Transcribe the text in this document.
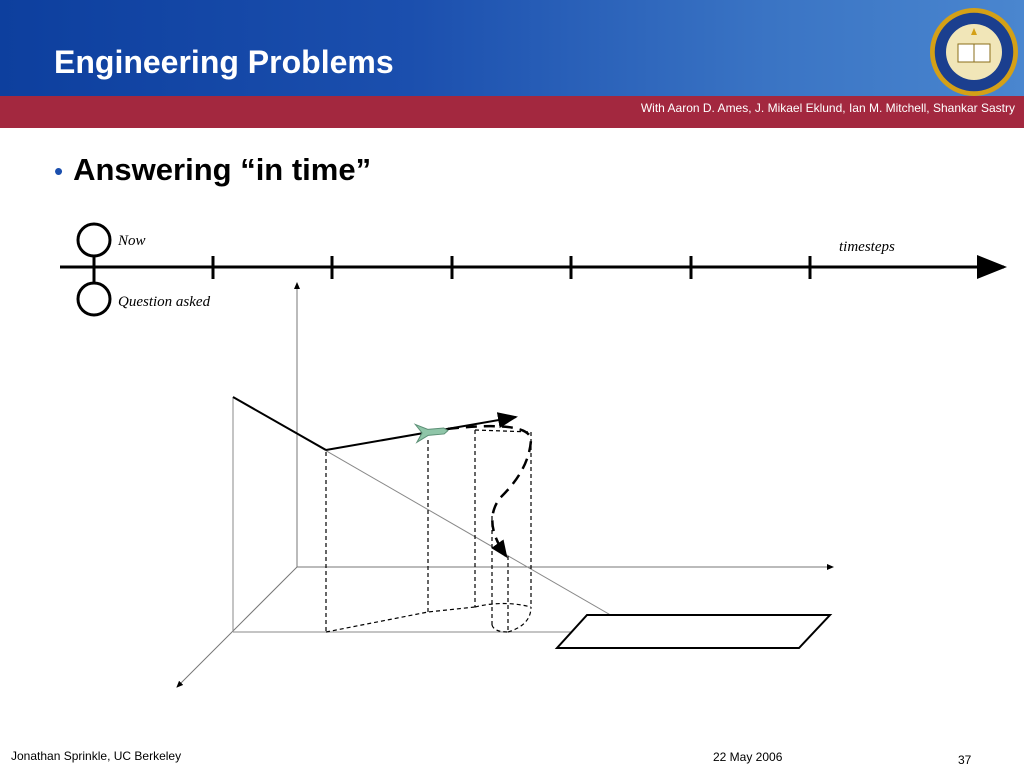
Engineering Problems
With Aaron D. Ames, J. Mikael Eklund, Ian M. Mitchell, Shankar Sastry
• Answering “in time”
Now
Question asked
timesteps
Jonathan Sprinkle, UC Berkeley	22 May 2006	37
